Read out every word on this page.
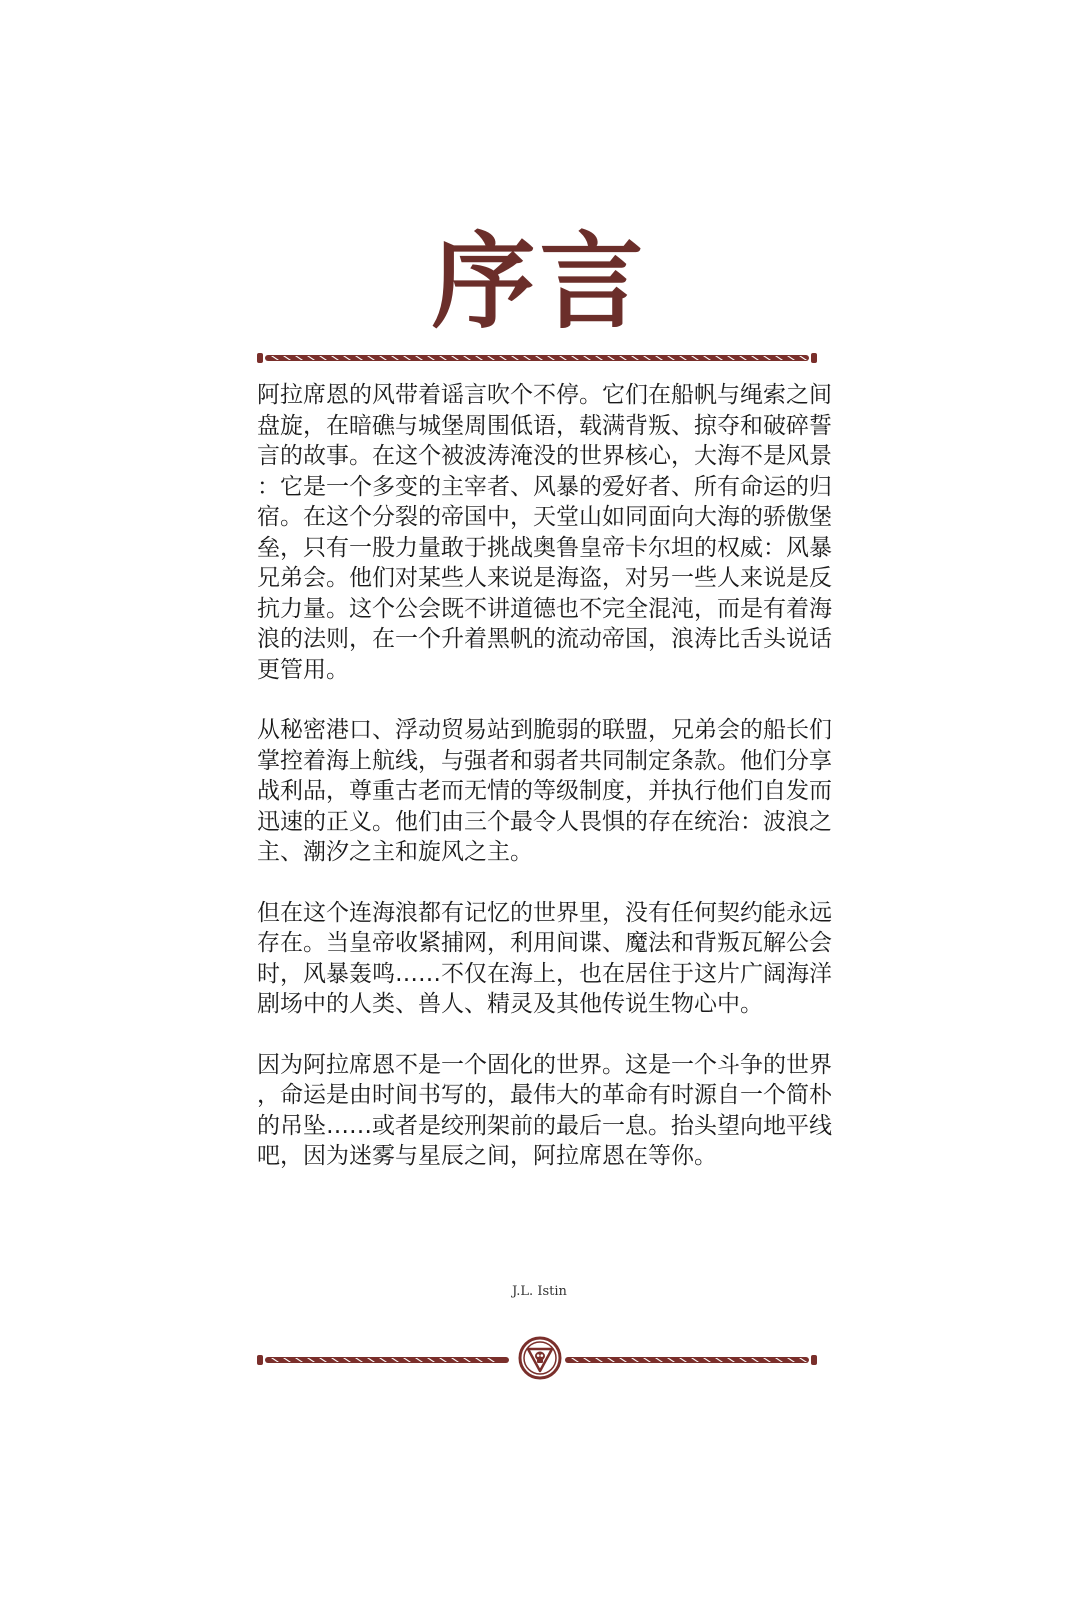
序言

阿拉席恩的风带着谣言吹个不停。它们在船帆与绳索之间盘旋，在暗礁与城堡周围低语，载满背叛、掠夺和破碎誓言的故事。在这个被波涛淹没的世界核心，大海不是风景：它是一个多变的主宰者、风暴的爱好者、所有命运的归宿。在这个分裂的帝国中，天堂山如同面向大海的骄傲堡垒，只有一股力量敢于挑战奥鲁皇帝卡尔坦的权威：风暴兄弟会。他们对某些人来说是海盗，对另一些人来说是反抗力量。这个公会既不讲道德也不完全混沌，而是有着海浪的法则，在一个升着黑帆的流动帝国，浪涛比舌头说话更管用。

从秘密港口、浮动贸易站到脆弱的联盟，兄弟会的船长们掌控着海上航线，与强者和弱者共同制定条款。他们分享战利品，尊重古老而无情的等级制度，并执行他们自发而迅速的正义。他们由三个最令人畏惧的存在统治：波浪之主、潮汐之主和旋风之主。

但在这个连海浪都有记忆的世界里，没有任何契约能永远存在。当皇帝收紧捕网，利用间谍、魔法和背叛瓦解公会时，风暴轰鸣……不仅在海上，也在居住于这片广阔海洋剧场中的人类、兽人、精灵及其他传说生物心中。

因为阿拉席恩不是一个固化的世界。这是一个斗争的世界，命运是由时间书写的，最伟大的革命有时源自一个简朴的吊坠……或者是绞刑架前的最后一息。抬头望向地平线吧，因为迷雾与星辰之间，阿拉席恩在等你。

J.L. Istin
